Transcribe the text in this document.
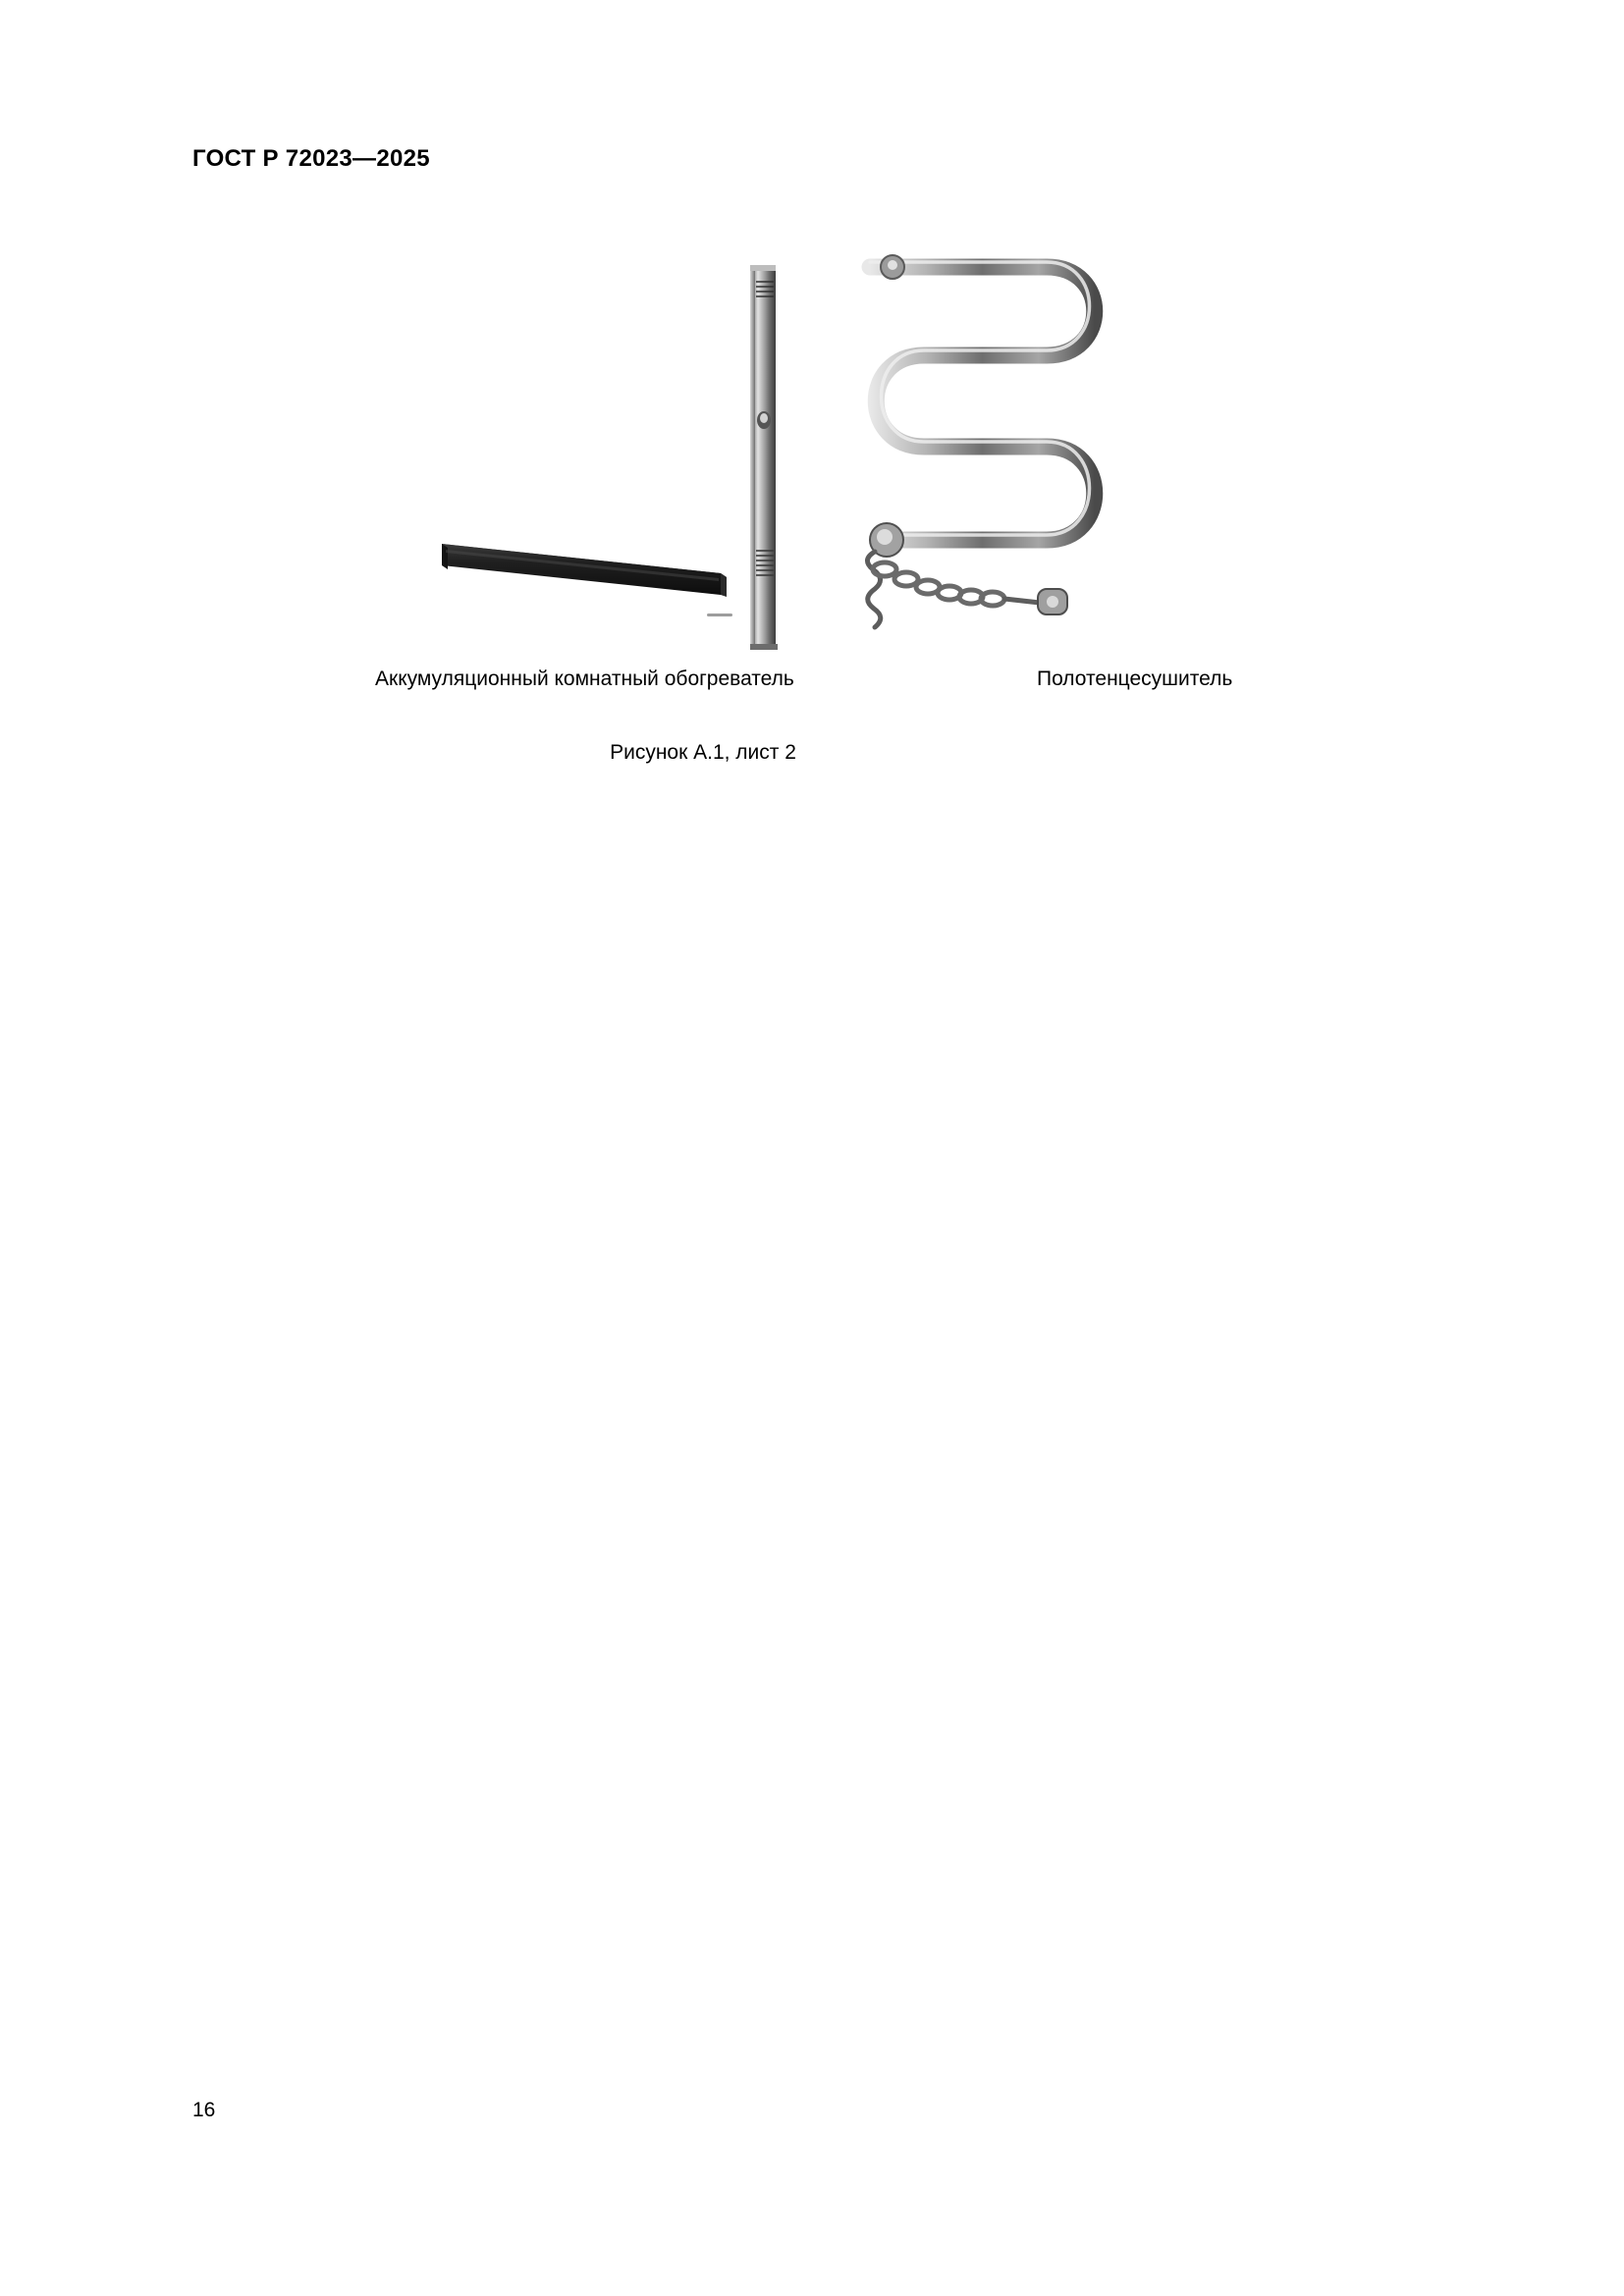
ГОСТ Р 72023—2025
Аккумуляционный комнатный обогреватель	Полотенцесушитель
Рисунок А.1, лист 2
16
